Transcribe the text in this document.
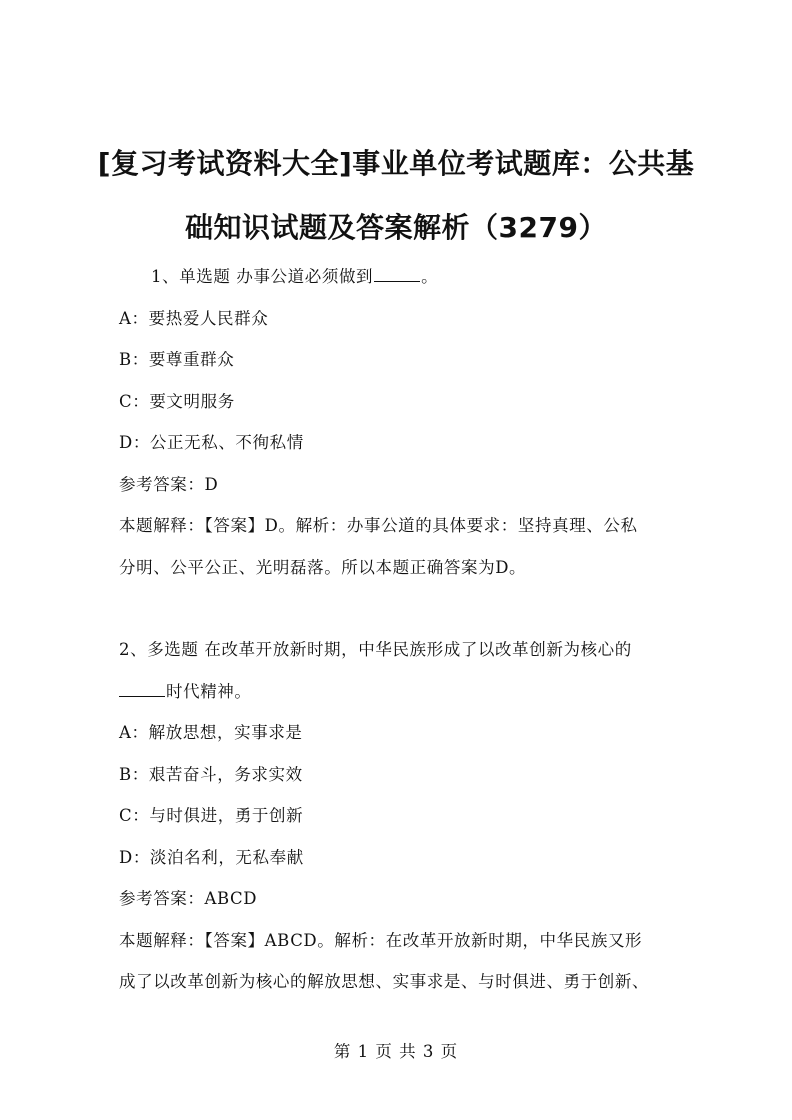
[复习考试资料大全]事业单位考试题库：公共基
础知识试题及答案解析（3279）
1、单选题 办事公道必须做到	。
A：要热爱人民群众
B：要尊重群众
C：要文明服务
D：公正无私、不徇私情
参考答案：D
本题解释：【答案】D。解析：办事公道的具体要求：坚持真理、公私
分明、公平公正、光明磊落。所以本题正确答案为D。
2、多选题 在改革开放新时期，中华民族形成了以改革创新为核心的
时代精神。
A：解放思想，实事求是
B：艰苦奋斗，务求实效
C：与时俱进，勇于创新
D：淡泊名利，无私奉献
参考答案：ABCD
本题解释：【答案】ABCD。解析：在改革开放新时期，中华民族又形
成了以改革创新为核心的解放思想、实事求是、与时俱进、勇于创新、
第 1 页 共 3 页
